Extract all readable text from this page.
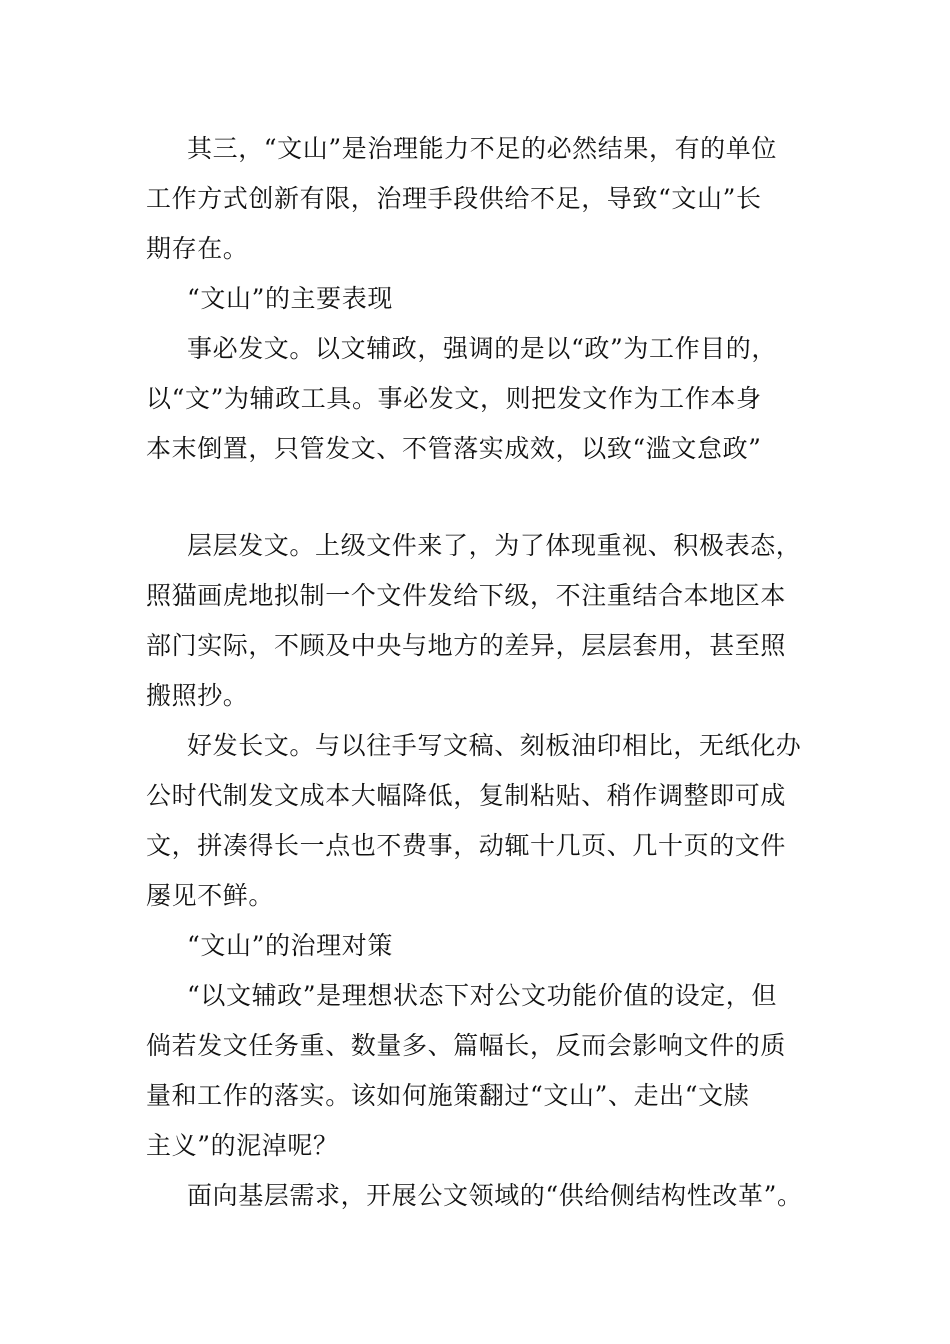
其三，“文山”是治理能力不足的必然结果，有的单位
工作方式创新有限，治理手段供给不足，导致“文山”长
期存在。
“文山”的主要表现
事必发文。以文辅政，强调的是以“政”为工作目的，
以“文”为辅政工具。事必发文，则把发文作为工作本身
本末倒置，只管发文、不管落实成效，以致“滥文怠政”
层层发文。上级文件来了，为了体现重视、积极表态，
照猫画虎地拟制一个文件发给下级，不注重结合本地区本
部门实际，不顾及中央与地方的差异，层层套用，甚至照
搬照抄。
好发长文。与以往手写文稿、刻板油印相比，无纸化办
公时代制发文成本大幅降低，复制粘贴、稍作调整即可成
文，拼凑得长一点也不费事，动辄十几页、几十页的文件
屡见不鲜。
“文山”的治理对策
“以文辅政”是理想状态下对公文功能价值的设定，但
倘若发文任务重、数量多、篇幅长，反而会影响文件的质
量和工作的落实。该如何施策翻过“文山”、走出“文牍
主义”的泥淖呢？
面向基层需求，开展公文领域的“供给侧结构性改革”。
